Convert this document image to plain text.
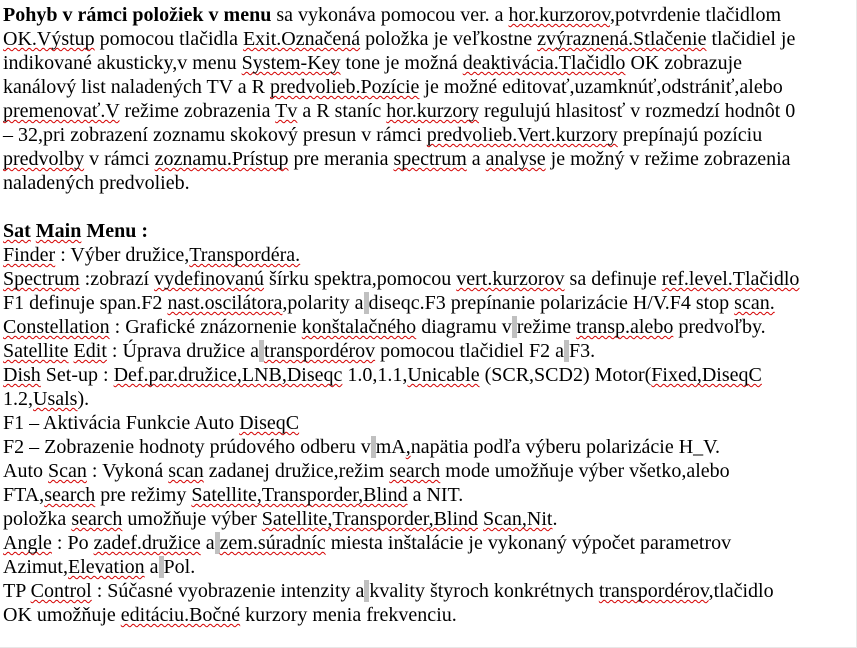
Pohyb v rámci položiek v menu sa vykonáva pomocou ver. a hor.kurzorov,potvrdenie tlačidlom
OK.Výstup pomocou tlačidla Exit.Označená položka je veľkostne zvýraznená.Stlačenie tlačidiel je
indikované akusticky,v menu System-Key tone je možná deaktivácia.Tlačidlo OK zobrazuje
kanálový list naladených TV a R predvolieb.Pozície je možné editovať,uzamknúť,odstrániť,alebo
premenovať.V režime zobrazenia Tv a R staníc hor.kurzory regulujú hlasitosť v rozmedzí hodnôt 0
– 32,pri zobrazení zoznamu skokový presun v rámci predvolieb.Vert.kurzory prepínajú pozíciu
predvolby v rámci zoznamu.Prístup pre merania spectrum a analyse je možný v režime zobrazenia
naladených predvolieb.

Sat Main Menu :
Finder : Výber družice,Transpordéra.
Spectrum :zobrazí vydefinovanú šírku spektra,pomocou vert.kurzorov sa definuje ref.level.Tlačidlo
F1 definuje span.F2 nast.oscilátora,polarity a diseqc.F3 prepínanie polarizácie H/V.F4 stop scan.
Constellation : Grafické znázornenie konštalačného diagramu v režime transp.alebo predvoľby.
Satellite Edit : Úprava družice a transpordérov pomocou tlačidiel F2 a F3.
Dish Set-up : Def.par.družice,LNB,Diseqc 1.0,1.1,Unicable (SCR,SCD2) Motor(Fixed,DiseqC
1.2,Usals).
F1 – Aktivácia Funkcie Auto DiseqC
F2 – Zobrazenie hodnoty prúdového odberu v mA,napätia podľa výberu polarizácie H_V.
Auto Scan : Vykoná scan zadanej družice,režim search mode umožňuje výber všetko,alebo
FTA,search pre režimy Satellite,Transporder,Blind a NIT.
položka search umožňuje výber Satellite,Transporder,Blind Scan,Nit.
Angle : Po zadef.družice a zem.súradníc miesta inštalácie je vykonaný výpočet parametrov
Azimut,Elevation a Pol.
TP Control : Súčasné vyobrazenie intenzity a kvality štyroch konkrétnych transpordérov,tlačidlo
OK umožňuje editáciu.Bočné kurzory menia frekvenciu.
